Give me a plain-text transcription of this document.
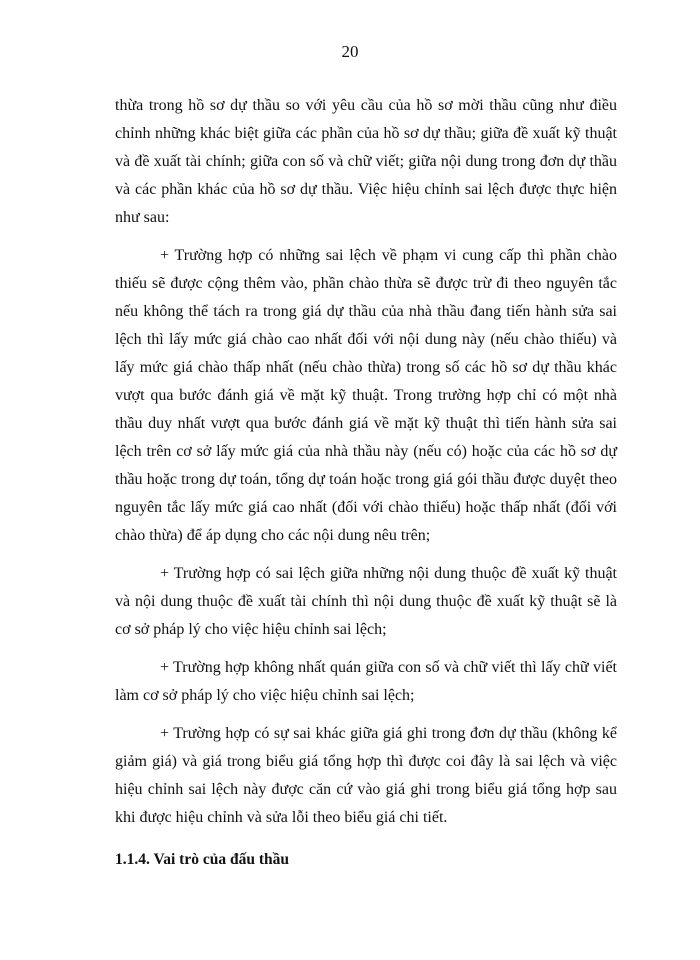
20
thừa trong hồ sơ dự thầu so với yêu cầu của hồ sơ mời thầu cũng như điều
chỉnh những khác biệt giữa các phần của hồ sơ dự thầu; giữa đề xuất kỹ thuật
và đề xuất tài chính; giữa con số và chữ viết; giữa nội dung trong đơn dự thầu
và các phần khác của hồ sơ dự thầu. Việc hiệu chỉnh sai lệch được thực hiện
như sau:
+ Trường hợp có những sai lệch về phạm vi cung cấp thì phần chào
thiếu sẽ được cộng thêm vào, phần chào thừa sẽ được trừ đi theo nguyên tắc
nếu không thể tách ra trong giá dự thầu của nhà thầu đang tiến hành sửa sai
lệch thì lấy mức giá chào cao nhất đối với nội dung này (nếu chào thiếu) và
lấy mức giá chào thấp nhất (nếu chào thừa) trong số các hồ sơ dự thầu khác
vượt qua bước đánh giá về mặt kỹ thuật. Trong trường hợp chỉ có một nhà
thầu duy nhất vượt qua bước đánh giá về mặt kỹ thuật thì tiến hành sửa sai
lệch trên cơ sở lấy mức giá của nhà thầu này (nếu có) hoặc của các hồ sơ dự
thầu hoặc trong dự toán, tổng dự toán hoặc trong giá gói thầu được duyệt theo
nguyên tắc lấy mức giá cao nhất (đối với chào thiếu) hoặc thấp nhất (đối với
chào thừa) để áp dụng cho các nội dung nêu trên;
+ Trường hợp có sai lệch giữa những nội dung thuộc đề xuất kỹ thuật
và nội dung thuộc đề xuất tài chính thì nội dung thuộc đề xuất kỹ thuật sẽ là
cơ sở pháp lý cho việc hiệu chỉnh sai lệch;
+ Trường hợp không nhất quán giữa con số và chữ viết thì lấy chữ viết
làm cơ sở pháp lý cho việc hiệu chỉnh sai lệch;
+ Trường hợp có sự sai khác giữa giá ghi trong đơn dự thầu (không kể
giảm giá) và giá trong biểu giá tổng hợp thì được coi đây là sai lệch và việc
hiệu chỉnh sai lệch này được căn cứ vào giá ghi trong biểu giá tổng hợp sau
khi được hiệu chỉnh và sửa lỗi theo biểu giá chi tiết.
1.1.4. Vai trò của đấu thầu
